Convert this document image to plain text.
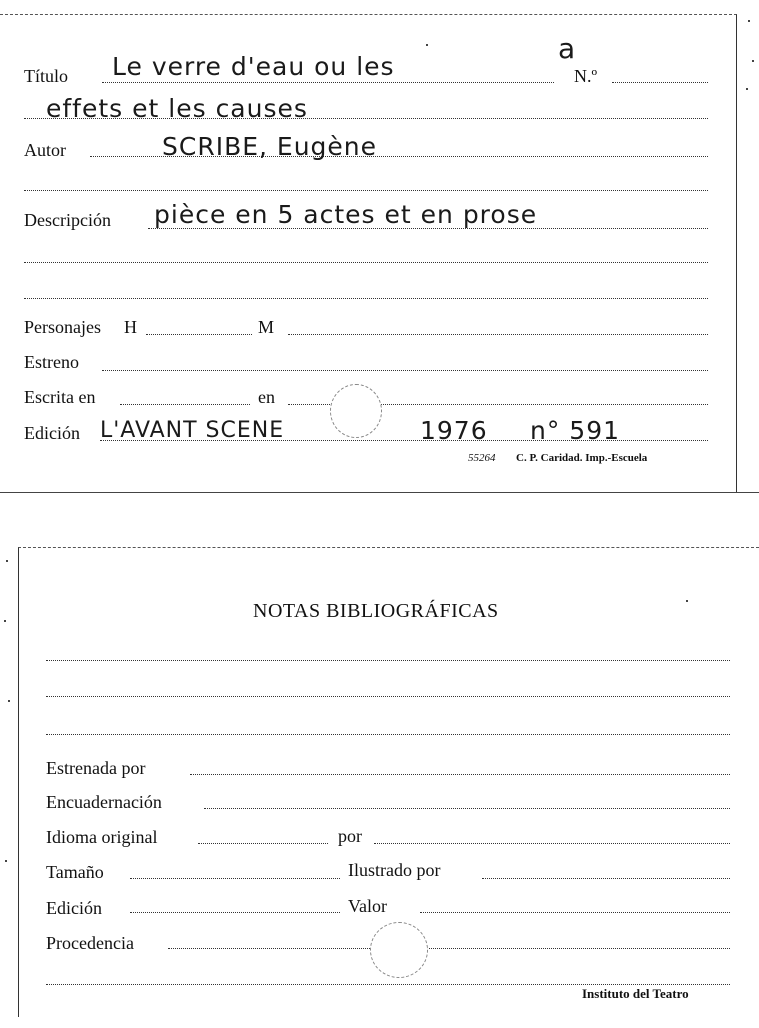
Título Le verre d'eau ou les
a
N.º
effets et les causes
Autor	SCRIBE, Eugène
Descripción pièce en 5 actes et en prose
Personajes H	M
Estreno
Escrita en	en
Edición L'AVANT SCENE	1976 n° 591
55264 C. P. Caridad. Imp.-Escuela
NOTAS BIBLIOGRÁFICAS
Estrenada por
Encuadernación
Idioma original	por
Tamaño	Ilustrado por
Edición	Valor
Procedencia
Instituto del Teatro
